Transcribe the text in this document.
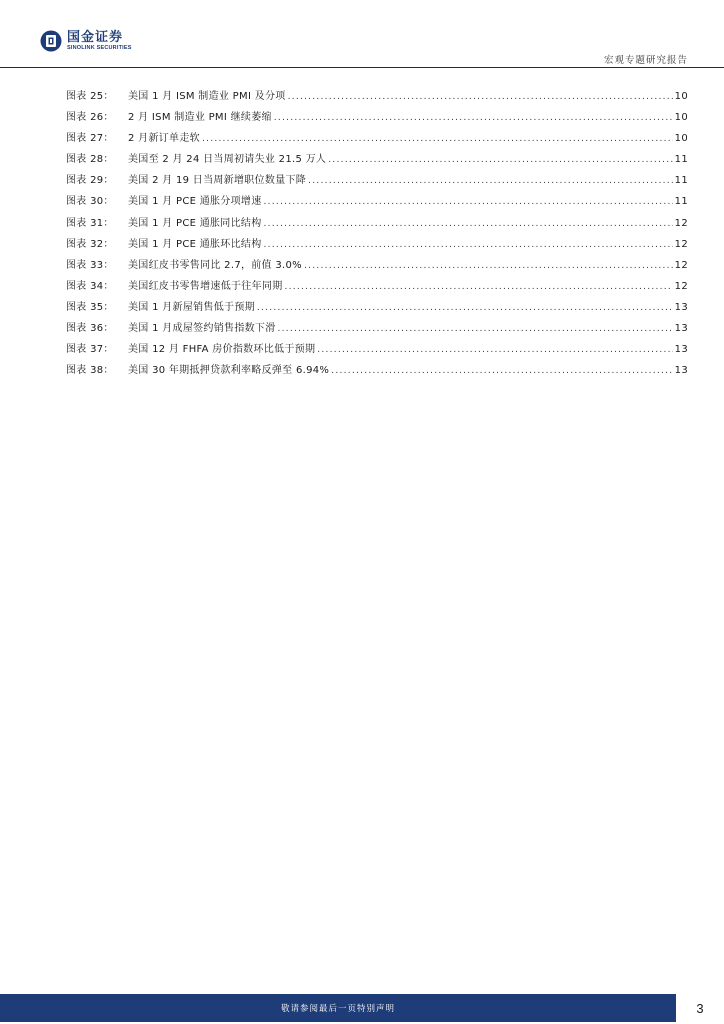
国金证券
SINOLINK SECURITIES
宏观专题研究报告
图表 25：	美国 1 月 ISM 制造业 PMI 及分项 . . .	10
图表 26：	2 月 ISM 制造业 PMI 继续萎缩 . . .	10
图表 27：	2 月新订单走软 . . .	10
图表 28：	美国至 2 月 24 日当周初请失业 21.5 万人 . . .	11
图表 29：	美国 2 月 19 日当周新增职位数量下降 . . .	11
图表 30：	美国 1 月 PCE 通胀分项增速 . . .	11
图表 31：	美国 1 月 PCE 通胀同比结构 . . .	12
图表 32：	美国 1 月 PCE 通胀环比结构 . . .	12
图表 33：	美国红皮书零售同比 2.7，前值 3.0% . . .	12
图表 34：	美国红皮书零售增速低于往年同期 . . .	12
图表 35：	美国 1 月新屋销售低于预期 . . .	13
图表 36：	美国 1 月成屋签约销售指数下滑 . . .	13
图表 37：	美国 12 月 FHFA 房价指数环比低于预期 . . .	13
图表 38：	美国 30 年期抵押贷款利率略反弹至 6.94% . . .	13
敬请参阅最后一页特别声明	3
